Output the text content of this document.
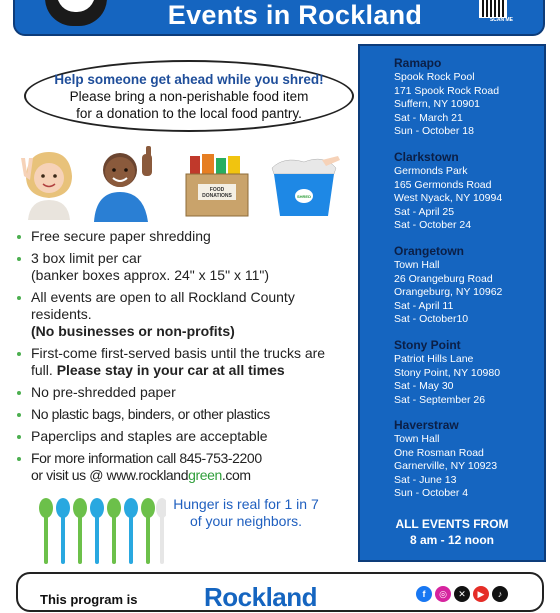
Events in Rockland	SCAN ME
Help someone get ahead while you shred!
Please bring a non-perishable food item
for a donation to the local food pantry.
FOOD
DONATIONS	SHRED
Free secure paper shredding
3 box limit per car
(banker boxes approx. 24" x 15" x 11")
All events are open to all Rockland County residents.
(No businesses or non-profits)
First-come first-served basis until the trucks are full. Please stay in your car at all times
No pre-shredded paper
No plastic bags, binders, or other plastics
Paperclips and staples are acceptable
For more information call 845-753-2200
or visit us @ www.rocklandgreen.com
Hunger is real for 1 in 7
of your neighbors.
Ramapo
Spook Rock Pool
171 Spook Rock Road
Suffern, NY 10901
Sat - March 21
Sun - October 18
Clarkstown
Germonds Park
165 Germonds Road
West Nyack, NY 10994
Sat - April 25
Sat - October 24
Orangetown
Town Hall
26 Orangeburg Road
Orangeburg, NY 10962
Sat - April 11
Sat - October10
Stony Point
Patriot Hills Lane
Stony Point, NY 10980
Sat - May 30
Sat - September 26
Haverstraw
Town Hall
One Rosman Road
Garnerville, NY 10923
Sat - June 13
Sun - October 4
ALL EVENTS FROM
8 am - 12 noon
This program is	Rockland	f	◎	✕	▶	♪
